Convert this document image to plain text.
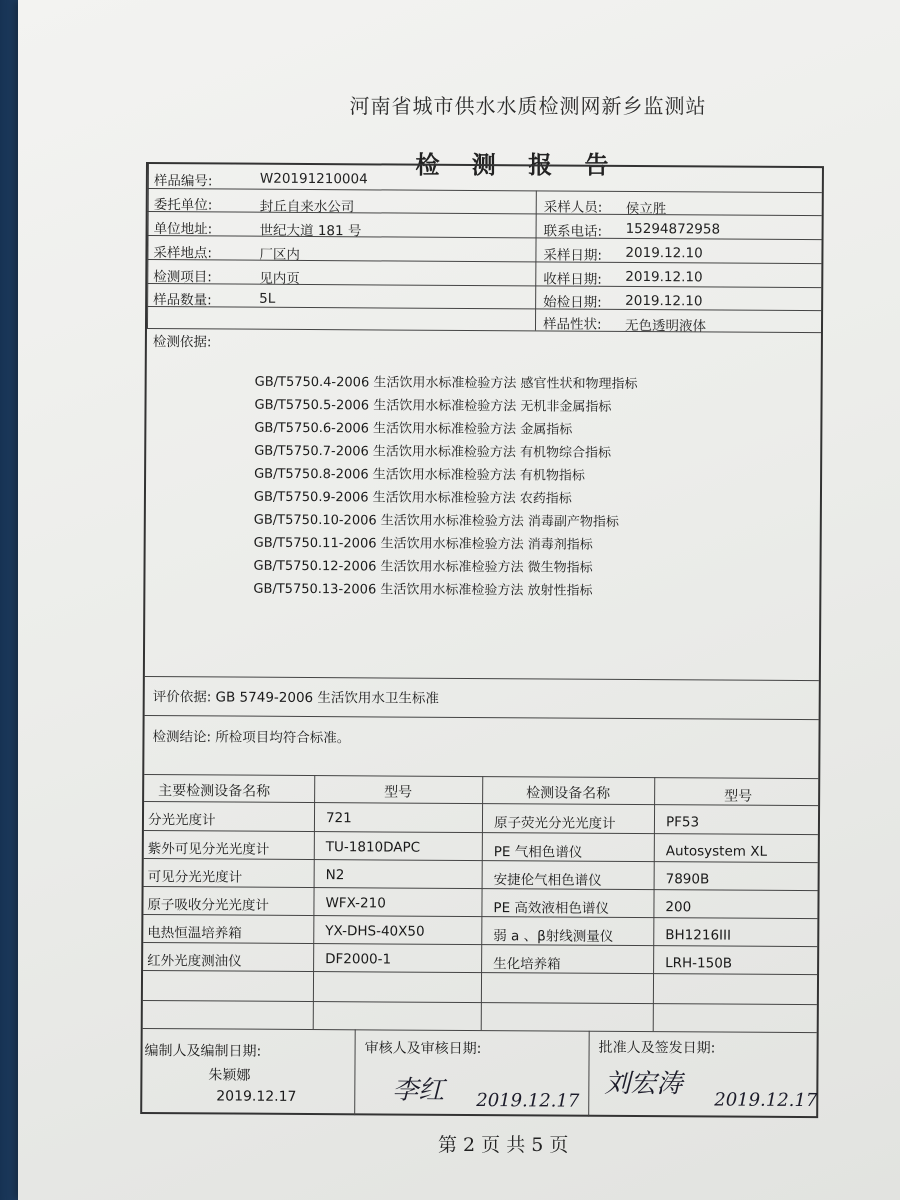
河南省城市供水水质检测网新乡监测站
检 测 报 告
第 2 页 共 5 页
样品编号:	W20191210004
委托单位:	封丘自来水公司
单位地址:	世纪大道 181 号
采样地点:	厂区内
检测项目:	见内页
样品数量:	5L
采样人员: 侯立胜
联系电话: 15294872958
采样日期: 2019.12.10
收样日期: 2019.12.10
始检日期: 2019.12.10
样品性状: 无色透明液体
检测依据:
GB/T5750.4-2006 生活饮用水标准检验方法 感官性状和物理指标
GB/T5750.5-2006 生活饮用水标准检验方法 无机非金属指标
GB/T5750.6-2006 生活饮用水标准检验方法 金属指标
GB/T5750.7-2006 生活饮用水标准检验方法 有机物综合指标
GB/T5750.8-2006 生活饮用水标准检验方法 有机物指标
GB/T5750.9-2006 生活饮用水标准检验方法 农药指标
GB/T5750.10-2006 生活饮用水标准检验方法 消毒副产物指标
GB/T5750.11-2006 生活饮用水标准检验方法 消毒剂指标
GB/T5750.12-2006 生活饮用水标准检验方法 微生物指标
GB/T5750.13-2006 生活饮用水标准检验方法 放射性指标
评价依据: GB 5749-2006 生活饮用水卫生标准
检测结论: 所检项目均符合标准。
主要检测设备名称	型号	检测设备名称	型号
分光光度计	721	原子荧光分光光度计	PF53
紫外可见分光光度计	TU-1810DAPC	PE 气相色谱仪	Autosystem XL
可见分光光度计	N2	安捷伦气相色谱仪	7890B
原子吸收分光光度计	WFX-210	PE 高效液相色谱仪	200
电热恒温培养箱	YX-DHS-40X50	弱 a 、β射线测量仪	BH1216III
红外光度测油仪	DF2000-1	生化培养箱	LRH-150B
编制人及编制日期:
朱颖娜
2019.12.17
审核人及审核日期:
李红 2019.12.17
批准人及签发日期:
刘宏涛
2019.12.17
